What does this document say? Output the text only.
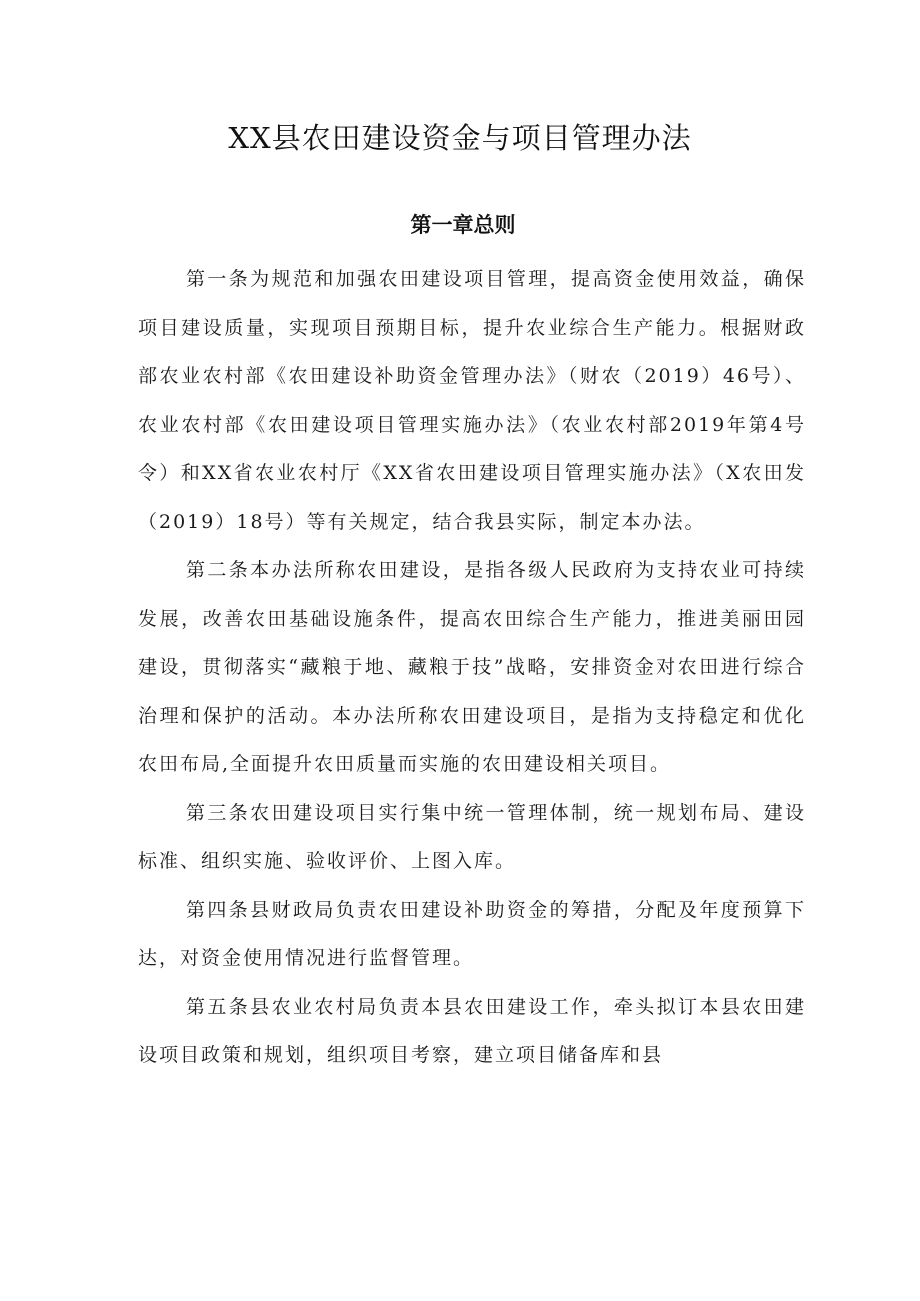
XX县农田建设资金与项目管理办法
第一章总则

第一条为规范和加强农田建设项目管理，提高资金使用效益，确保项目建设质量，实现项目预期目标，提升农业综合生产能力。根据财政部农业农村部《农田建设补助资金管理办法》（财农（2019）46号）、农业农村部《农田建设项目管理实施办法》（农业农村部2019年第4号令）和XX省农业农村厅《XX省农田建设项目管理实施办法》（X农田发（2019）18号）等有关规定，结合我县实际，制定本办法。

第二条本办法所称农田建设，是指各级人民政府为支持农业可持续发展，改善农田基础设施条件，提高农田综合生产能力，推进美丽田园建设，贯彻落实“藏粮于地、藏粮于技”战略，安排资金对农田进行综合治理和保护的活动。本办法所称农田建设项目，是指为支持稳定和优化农田布局,全面提升农田质量而实施的农田建设相关项目。

第三条农田建设项目实行集中统一管理体制，统一规划布局、建设标准、组织实施、验收评价、上图入库。

第四条县财政局负责农田建设补助资金的筹措，分配及年度预算下达，对资金使用情况进行监督管理。

第五条县农业农村局负责本县农田建设工作，牵头拟订本县农田建设项目政策和规划，组织项目考察，建立项目储备库和县
